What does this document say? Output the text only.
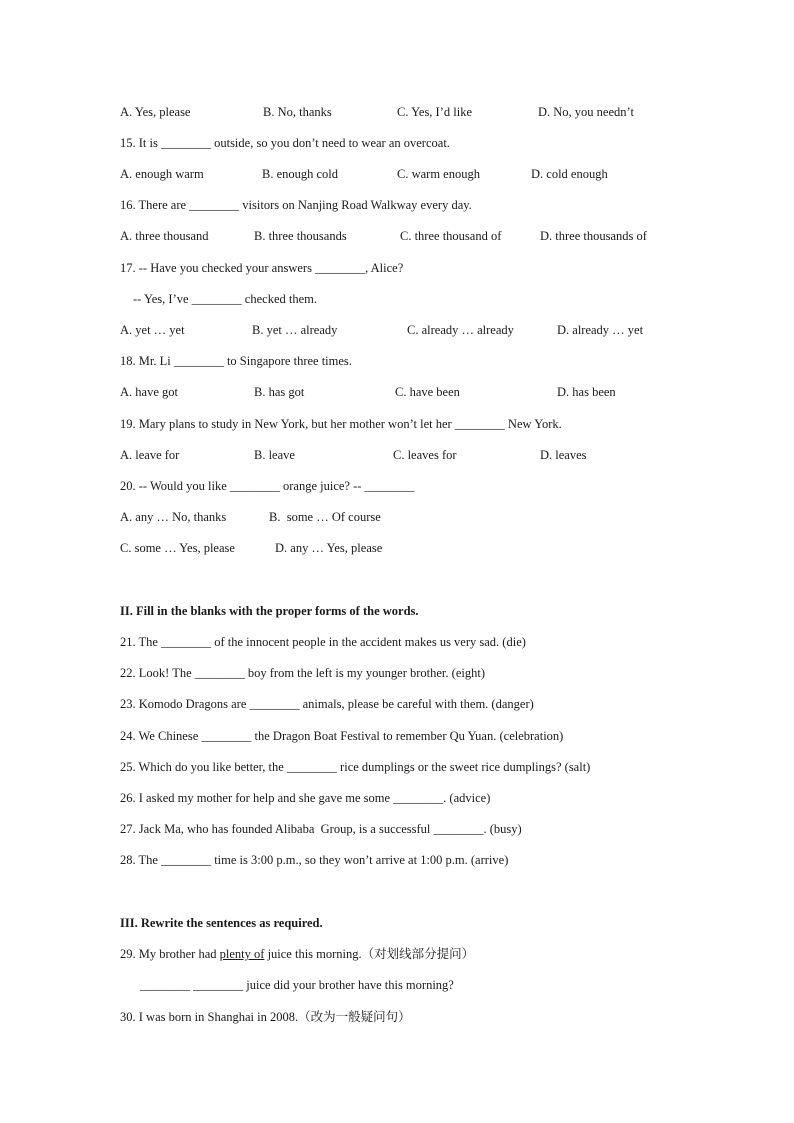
A. Yes, please	B. No, thanks	C. Yes, I’d like	D. No, you needn’t
15. It is ________ outside, so you don’t need to wear an overcoat.
A. enough warm	B. enough cold	C. warm enough	D. cold enough
16. There are ________ visitors on Nanjing Road Walkway every day.
A. three thousand	B. three thousands	C. three thousand of	D. three thousands of
17. -- Have you checked your answers ________, Alice?
-- Yes, I’ve ________ checked them.
A. yet … yet	B. yet … already	C. already … already	D. already … yet
18. Mr. Li ________ to Singapore three times.
A. have got	B. has got	C. have been	D. has been
19. Mary plans to study in New York, but her mother won’t let her ________ New York.
A. leave for	B. leave	C. leaves for	D. leaves
20. -- Would you like ________ orange juice? -- ________
A. any … No, thanks	B.  some … Of course
C. some … Yes, please	D. any … Yes, please
II. Fill in the blanks with the proper forms of the words.
21. The ________ of the innocent people in the accident makes us very sad. (die)
22. Look! The ________ boy from the left is my younger brother. (eight)
23. Komodo Dragons are ________ animals, please be careful with them. (danger)
24. We Chinese ________ the Dragon Boat Festival to remember Qu Yuan. (celebration)
25. Which do you like better, the ________ rice dumplings or the sweet rice dumplings? (salt)
26. I asked my mother for help and she gave me some ________. (advice)
27. Jack Ma, who has founded Alibaba  Group, is a successful ________. (busy)
28. The ________ time is 3:00 p.m., so they won’t arrive at 1:00 p.m. (arrive)
III. Rewrite the sentences as required.
29. My brother had plenty of juice this morning.（对划线部分提问）
________ ________ juice did your brother have this morning?
30. I was born in Shanghai in 2008.（改为一般疑问句）
